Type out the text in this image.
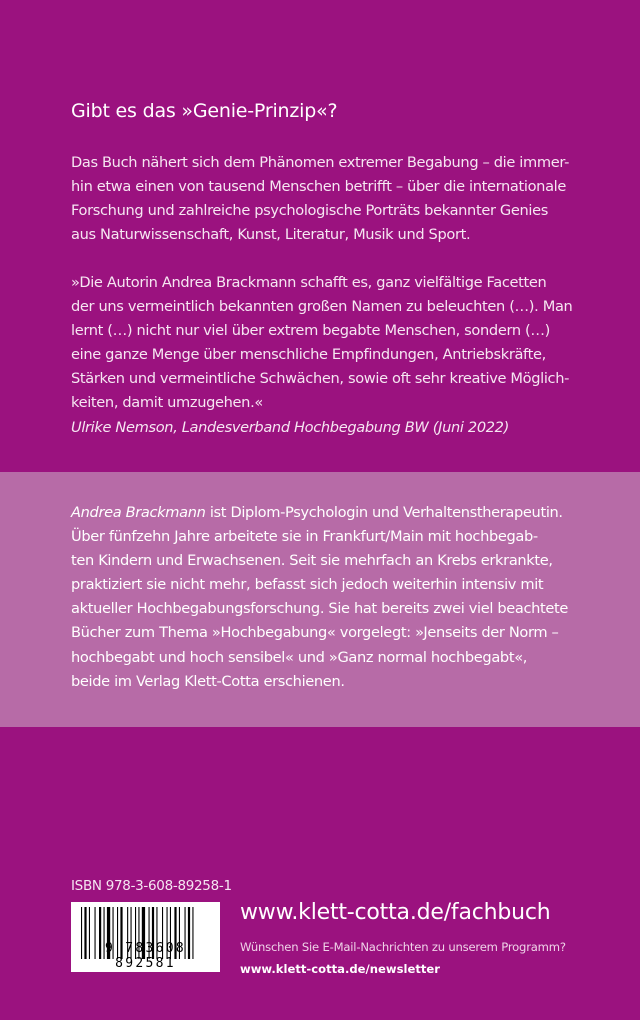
Gibt es das »Genie-Prinzip«?
Das Buch nähert sich dem Phänomen extremer Begabung – die immer-
hin etwa einen von tausend Menschen betrifft – über die internationale
Forschung und zahlreiche psychologische Porträts bekannter Genies
aus Naturwissenschaft, Kunst, Literatur, Musik und Sport.
»Die Autorin Andrea Brackmann schafft es, ganz vielfältige Facetten
der uns vermeintlich bekannten großen Namen zu beleuchten (…). Man
lernt (…) nicht nur viel über extrem begabte Menschen, sondern (…)
eine ganze Menge über menschliche Empfindungen, Antriebskräfte,
Stärken und vermeintliche Schwächen, sowie oft sehr kreative Möglich-
keiten, damit umzugehen.«
Ulrike Nemson, Landesverband Hochbegabung BW (Juni 2022)
Andrea Brackmann ist Diplom-Psychologin und Verhaltenstherapeutin.
Über fünfzehn Jahre arbeitete sie in Frankfurt/Main mit hochbegab-
ten Kindern und Erwachsenen. Seit sie mehrfach an Krebs erkrankte,
praktiziert sie nicht mehr, befasst sich jedoch weiterhin intensiv mit
aktueller Hochbegabungsforschung. Sie hat bereits zwei viel beachtete
Bücher zum Thema »Hochbegabung« vorgelegt: »Jenseits der Norm –
hochbegabt und hoch sensibel« und »Ganz normal hochbegabt«,
beide im Verlag Klett-Cotta erschienen.
ISBN 978-3-608-89258-1
9 783608 892581
www.klett-cotta.de/fachbuch
Wünschen Sie E-Mail-Nachrichten zu unserem Programm?
www.klett-cotta.de/newsletter
